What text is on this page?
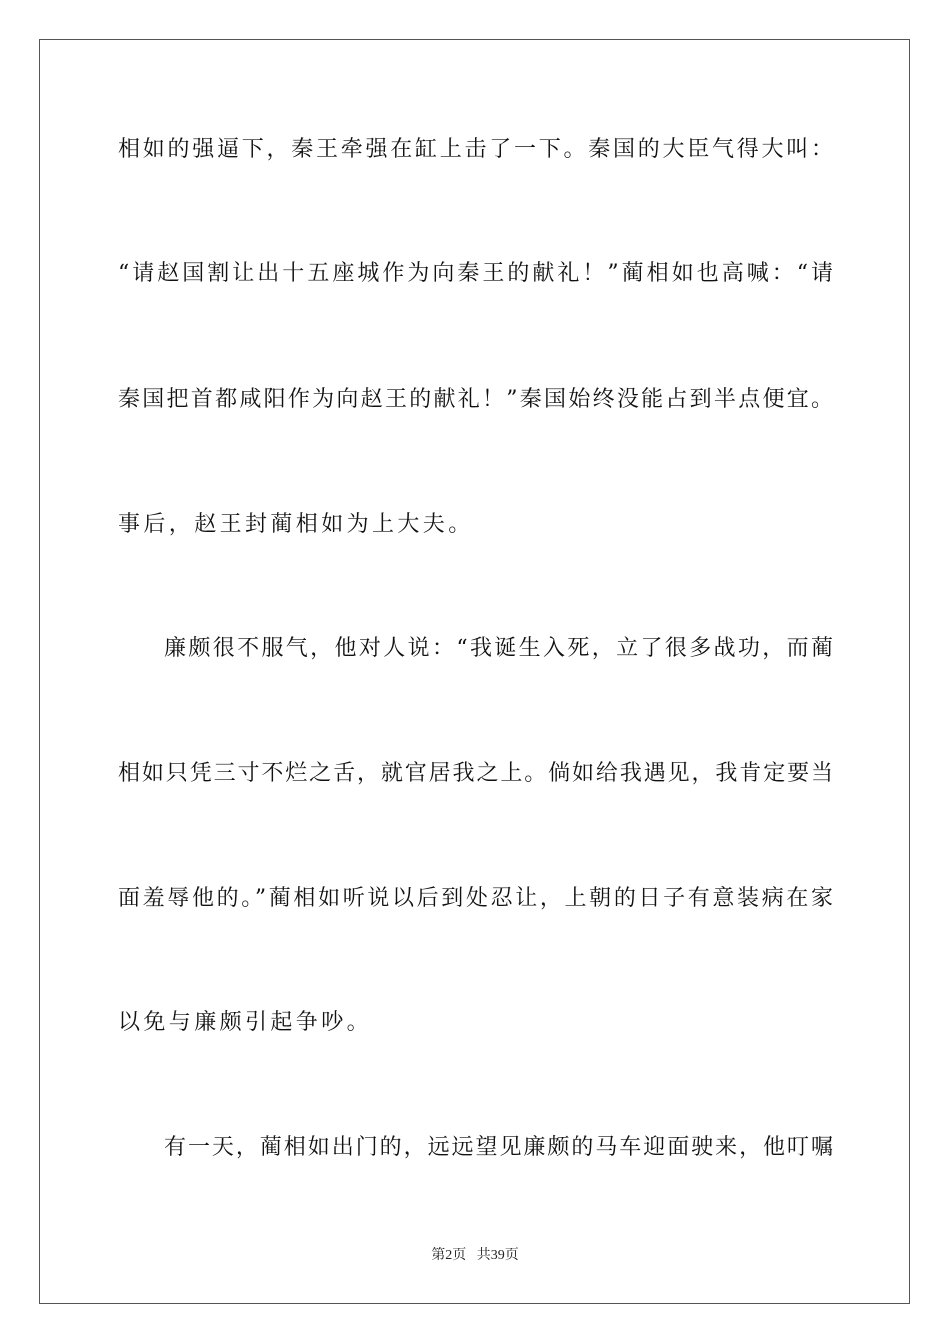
相如的强逼下，秦王牵强在缸上击了一下。秦国的大臣气得大叫：
“请赵国割让出十五座城作为向秦王的献礼！”蔺相如也高喊：“请
秦国把首都咸阳作为向赵王的献礼！”秦国始终没能占到半点便宜。
事后，赵王封蔺相如为上大夫。
廉颇很不服气，他对人说：“我诞生入死，立了很多战功，而蔺
相如只凭三寸不烂之舌，就官居我之上。倘如给我遇见，我肯定要当
面羞辱他的。”蔺相如听说以后到处忍让，上朝的日子有意装病在家
以免与廉颇引起争吵。
有一天，蔺相如出门的，远远望见廉颇的马车迎面驶来，他叮嘱
第2页 共39页
